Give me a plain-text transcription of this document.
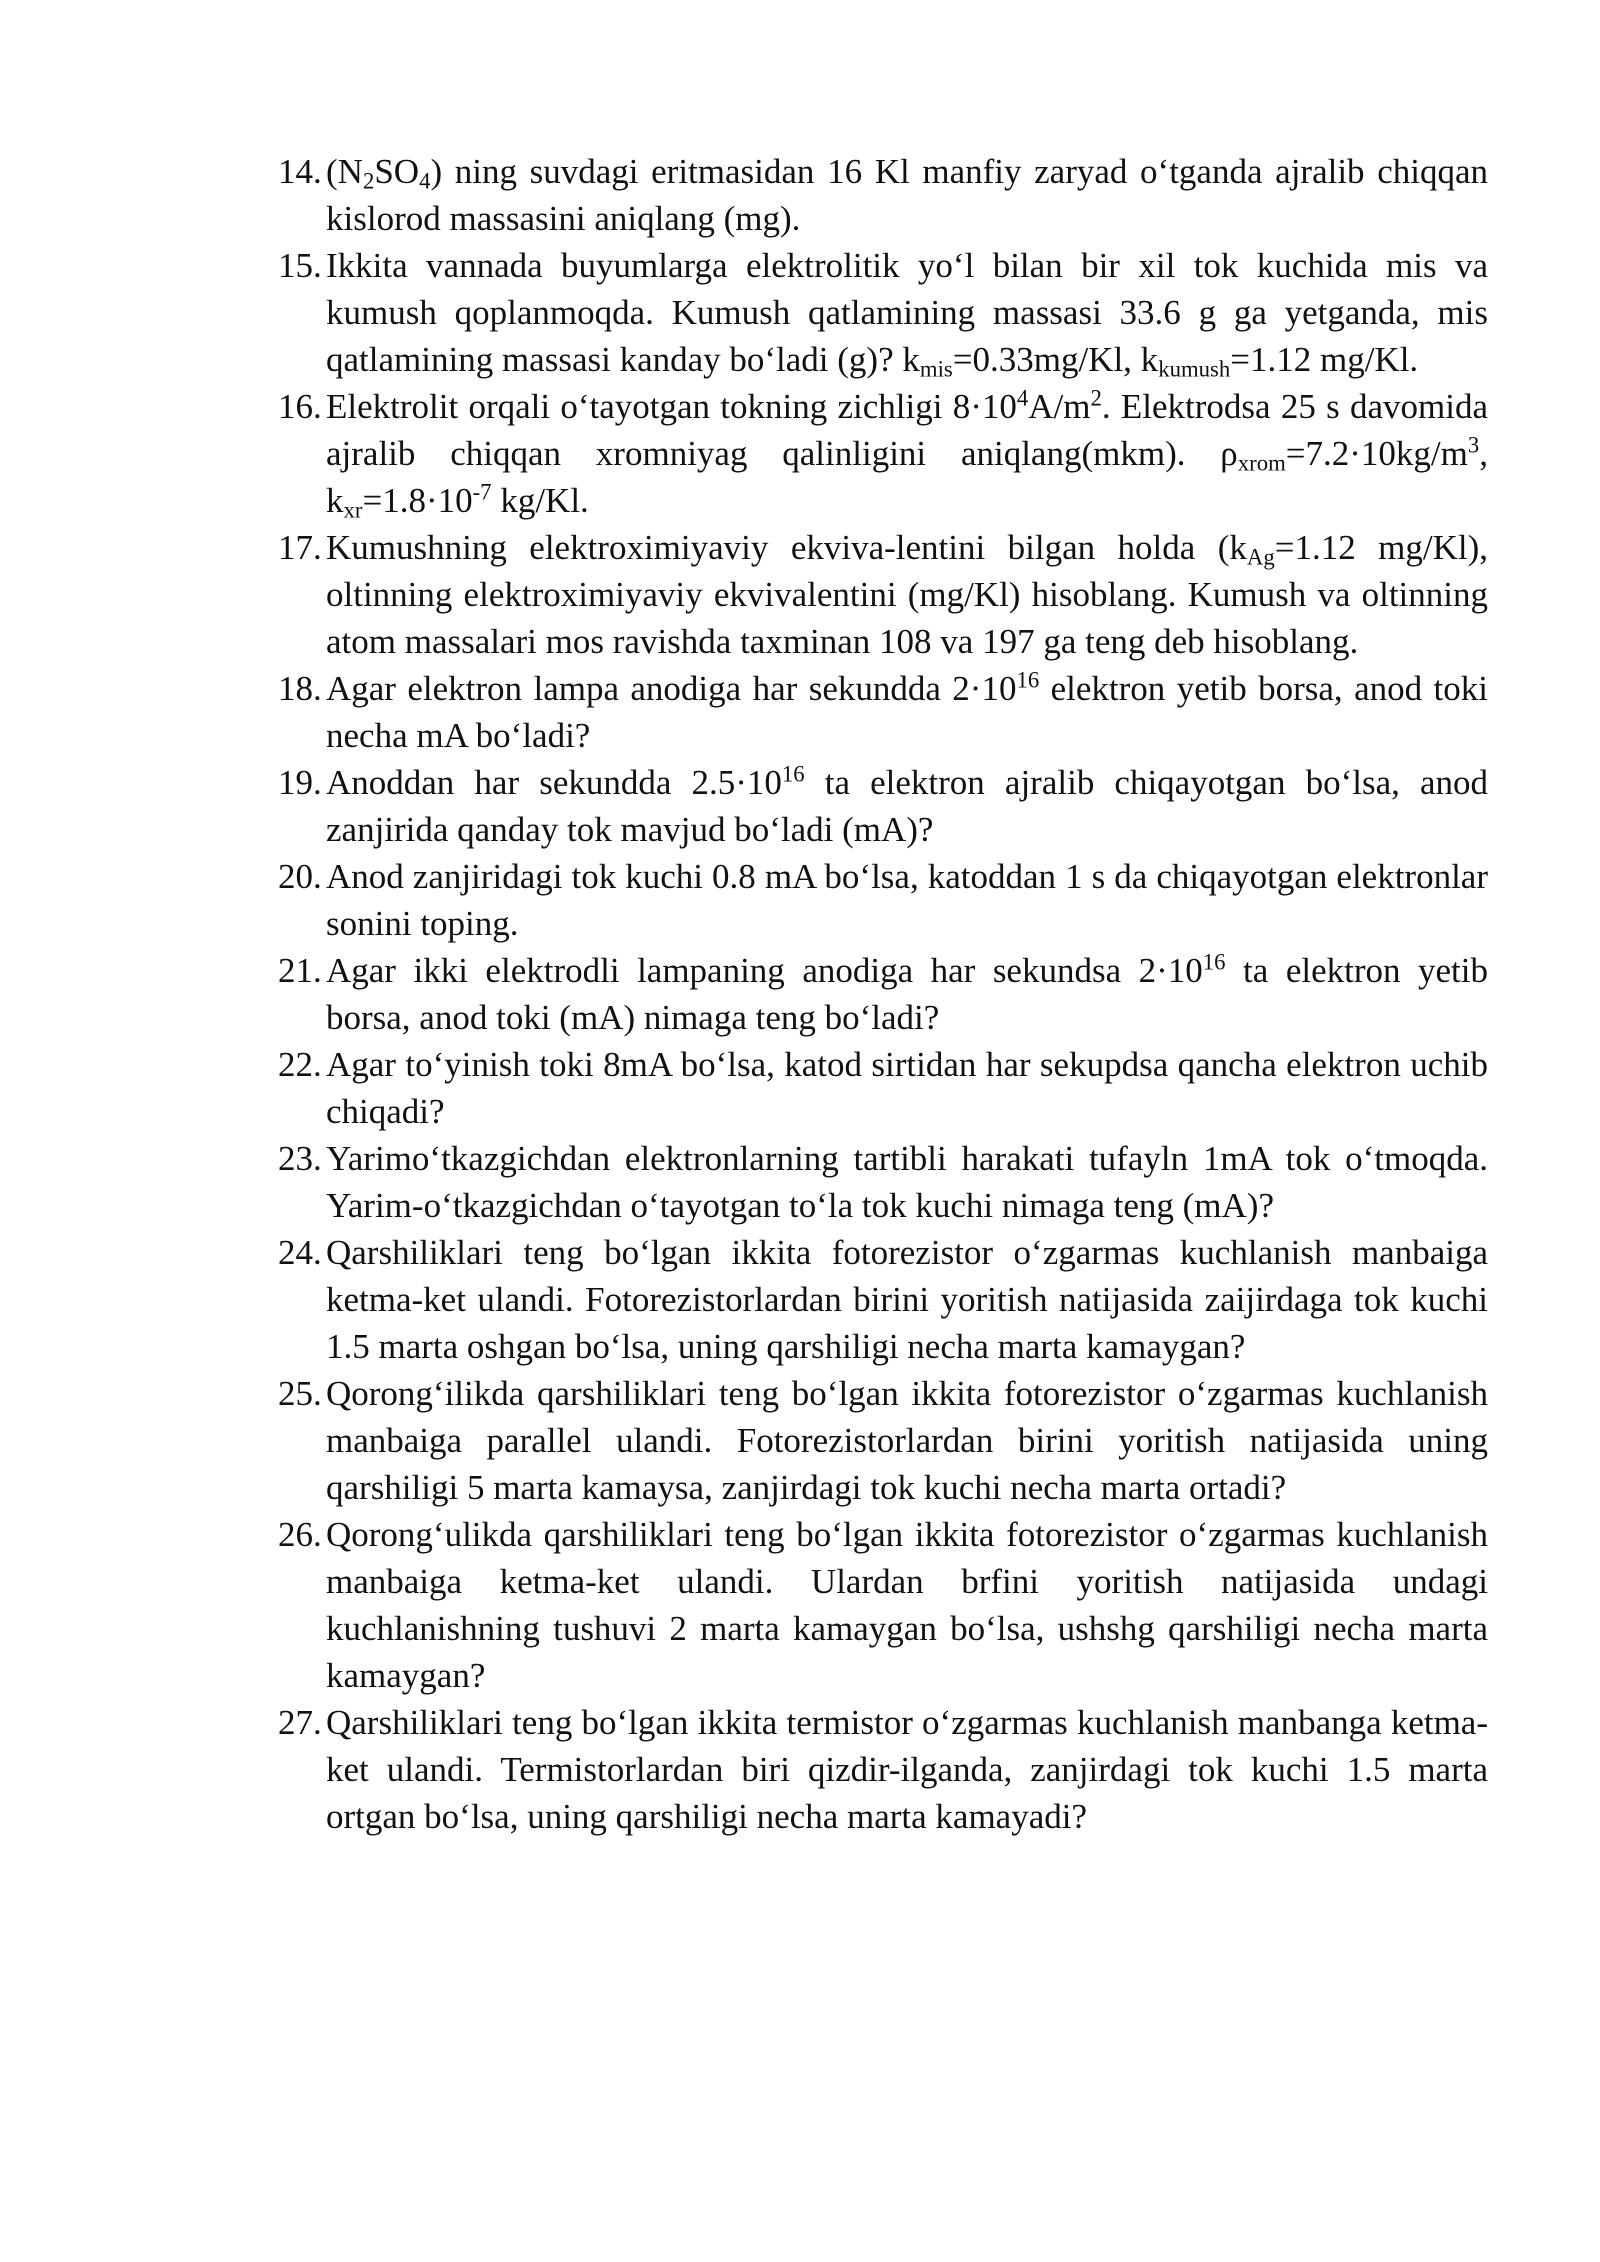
14. $(N_2SO_4)$ ning suvdagi eritmasidan 16 Kl manfiy zaryad o‘tganda ajralib chiqqan kislorod massasini aniqlang (mg).
15. Ikkita vannada buyumlarga elektrolitik yo‘l bilan bir xil tok kuchida mis va kumush qoplanmoqda. Kumush qatlamining massasi 33.6 g ga yetganda, mis qatlamining massasi kanday bo‘ladi (g)? $k_{mis}=0.33mg/Kl$, $k_{kumush}=1.12$ mg/Kl.
16. Elektrolit orqali o‘tayotgan tokning zichligi $8\cdot 10^4A/m^2$. Elektrodsa 25 s davomida ajralib chiqqan xromniyag qalinligini aniqlang(mkm). $\rho_{xrom}=7.2\cdot 10kg/m^3$, $k_{xr}=1.8\cdot 10^{-7}$ kg/Kl.
17. Kumushning elektroximiyaviy ekviva-lentini bilgan holda ($k_{Ag}=1.12$ mg/Kl), oltinning elektroximiyaviy ekvivalentini (mg/Kl) hisoblang. Kumush va oltinning atom massalari mos ravishda taxminan 108 va 197 ga teng deb hisoblang.
18. Agar elektron lampa anodiga har sekundda $2\cdot 10^{16}$ elektron yetib borsa, anod toki necha mA bo‘ladi?
19. Anoddan har sekundda $2.5\cdot 10^{16}$ ta elektron ajralib chiqayotgan bo‘lsa, anod zanjirida qanday tok mavjud bo‘ladi (mA)?
20. Anod zanjiridagi tok kuchi 0.8 mA bo‘lsa, katoddan 1 s da chiqayotgan elektronlar sonini toping.
21. Agar ikki elektrodli lampaning anodiga har sekundsa $2\cdot 10^{16}$ ta elektron yetib borsa, anod toki (mA) nimaga teng bo‘ladi?
22. Agar to‘yinish toki 8mA bo‘lsa, katod sirtidan har sekupdsa qancha elektron uchib chiqadi?
23. Yarimo‘tkazgichdan elektronlarning tartibli harakati tufayln 1mA tok o‘tmoqda. Yarim-o‘tkazgichdan o‘tayotgan to‘la tok kuchi nimaga teng (mA)?
24. Qarshiliklari teng bo‘lgan ikkita fotorezistor o‘zgarmas kuchlanish manbaiga ketma-ket ulandi. Fotorezistorlardan birini yoritish natijasida zaijirdaga tok kuchi 1.5 marta oshgan bo‘lsa, uning qarshiligi necha marta kamaygan?
25. Qorong‘ilikda qarshiliklari teng bo‘lgan ikkita fotorezistor o‘zgarmas kuchlanish manbaiga parallel ulandi. Fotorezistorlardan birini yoritish natijasida uning qarshiligi 5 marta kamaysa, zanjirdagi tok kuchi necha marta ortadi?
26. Qorong‘ulikda qarshiliklari teng bo‘lgan ikkita fotorezistor o‘zgarmas kuchlanish manbaiga ketma-ket ulandi. Ulardan brfini yoritish natijasida undagi kuchlanishning tushuvi 2 marta kamaygan bo‘lsa, ushshg qarshiligi necha marta kamaygan?
27. Qarshiliklari teng bo‘lgan ikkita termistor o‘zgarmas kuchlanish manbanga ketma-ket ulandi. Termistorlardan biri qizdir-ilganda, zanjirdagi tok kuchi 1.5 marta ortgan bo‘lsa, uning qarshiligi necha marta kamayadi?
